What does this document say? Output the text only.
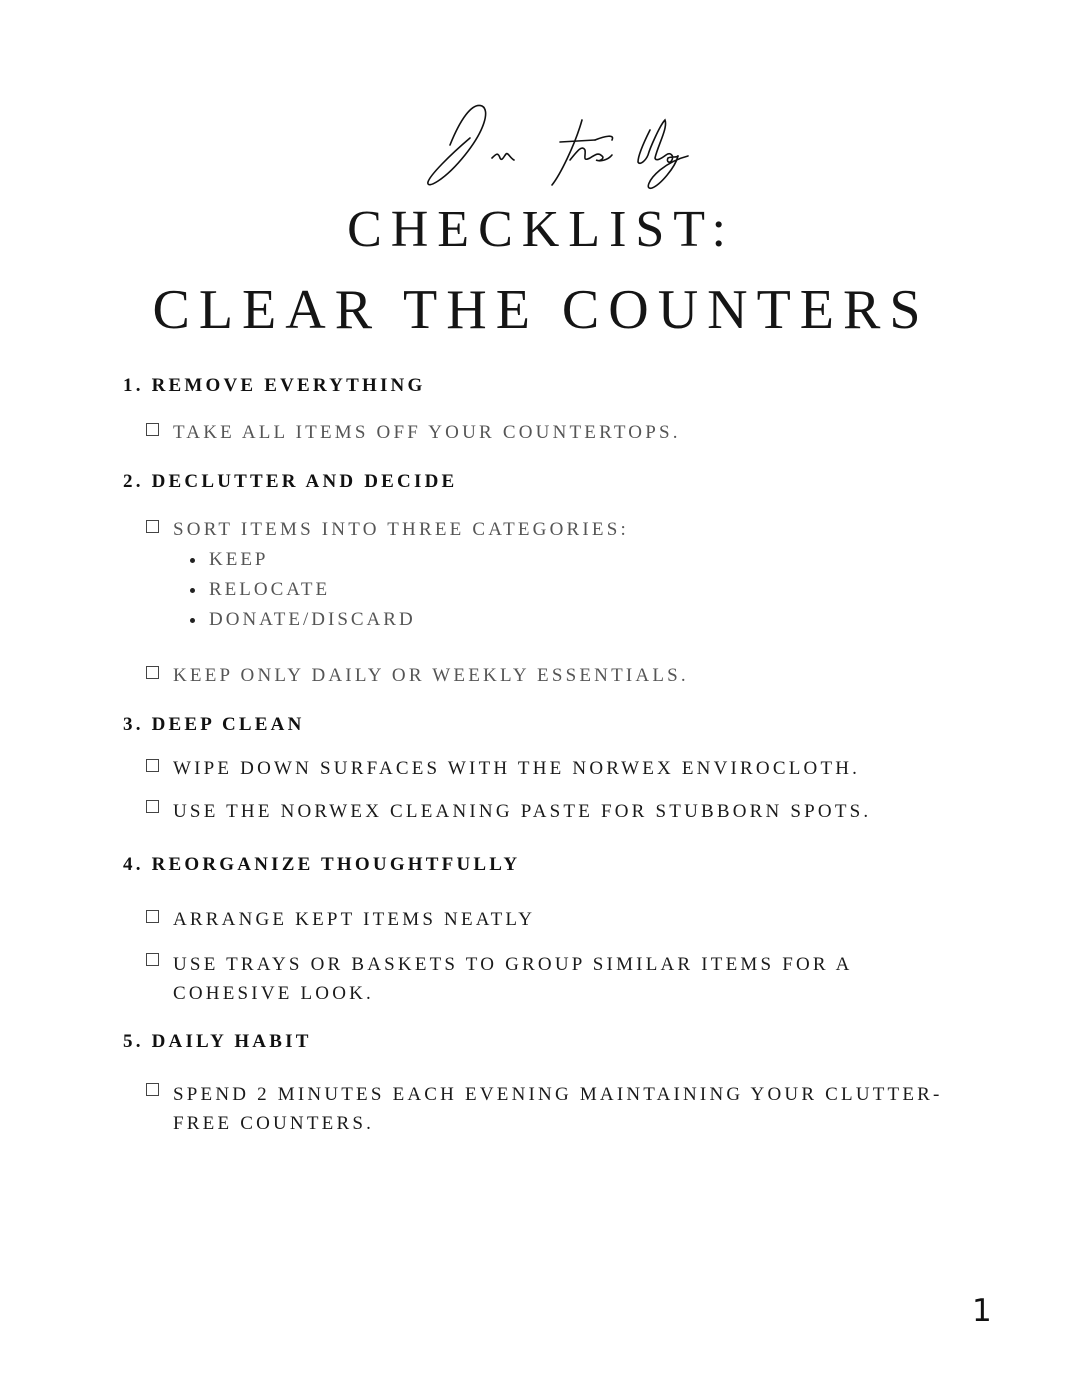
CHECKLIST:
CLEAR THE COUNTERS
1. REMOVE EVERYTHING
TAKE ALL ITEMS OFF YOUR COUNTERTOPS.
2. DECLUTTER AND DECIDE
SORT ITEMS INTO THREE CATEGORIES:
KEEP
RELOCATE
DONATE/DISCARD
KEEP ONLY DAILY OR WEEKLY ESSENTIALS.
3. DEEP CLEAN
WIPE DOWN SURFACES WITH THE NORWEX ENVIROCLOTH.
USE THE NORWEX CLEANING PASTE FOR STUBBORN SPOTS.
4. REORGANIZE THOUGHTFULLY
ARRANGE KEPT ITEMS NEATLY
USE TRAYS OR BASKETS TO GROUP SIMILAR ITEMS FOR A
COHESIVE LOOK.
5. DAILY HABIT
SPEND 2 MINUTES EACH EVENING MAINTAINING YOUR CLUTTER-
FREE COUNTERS.
1
